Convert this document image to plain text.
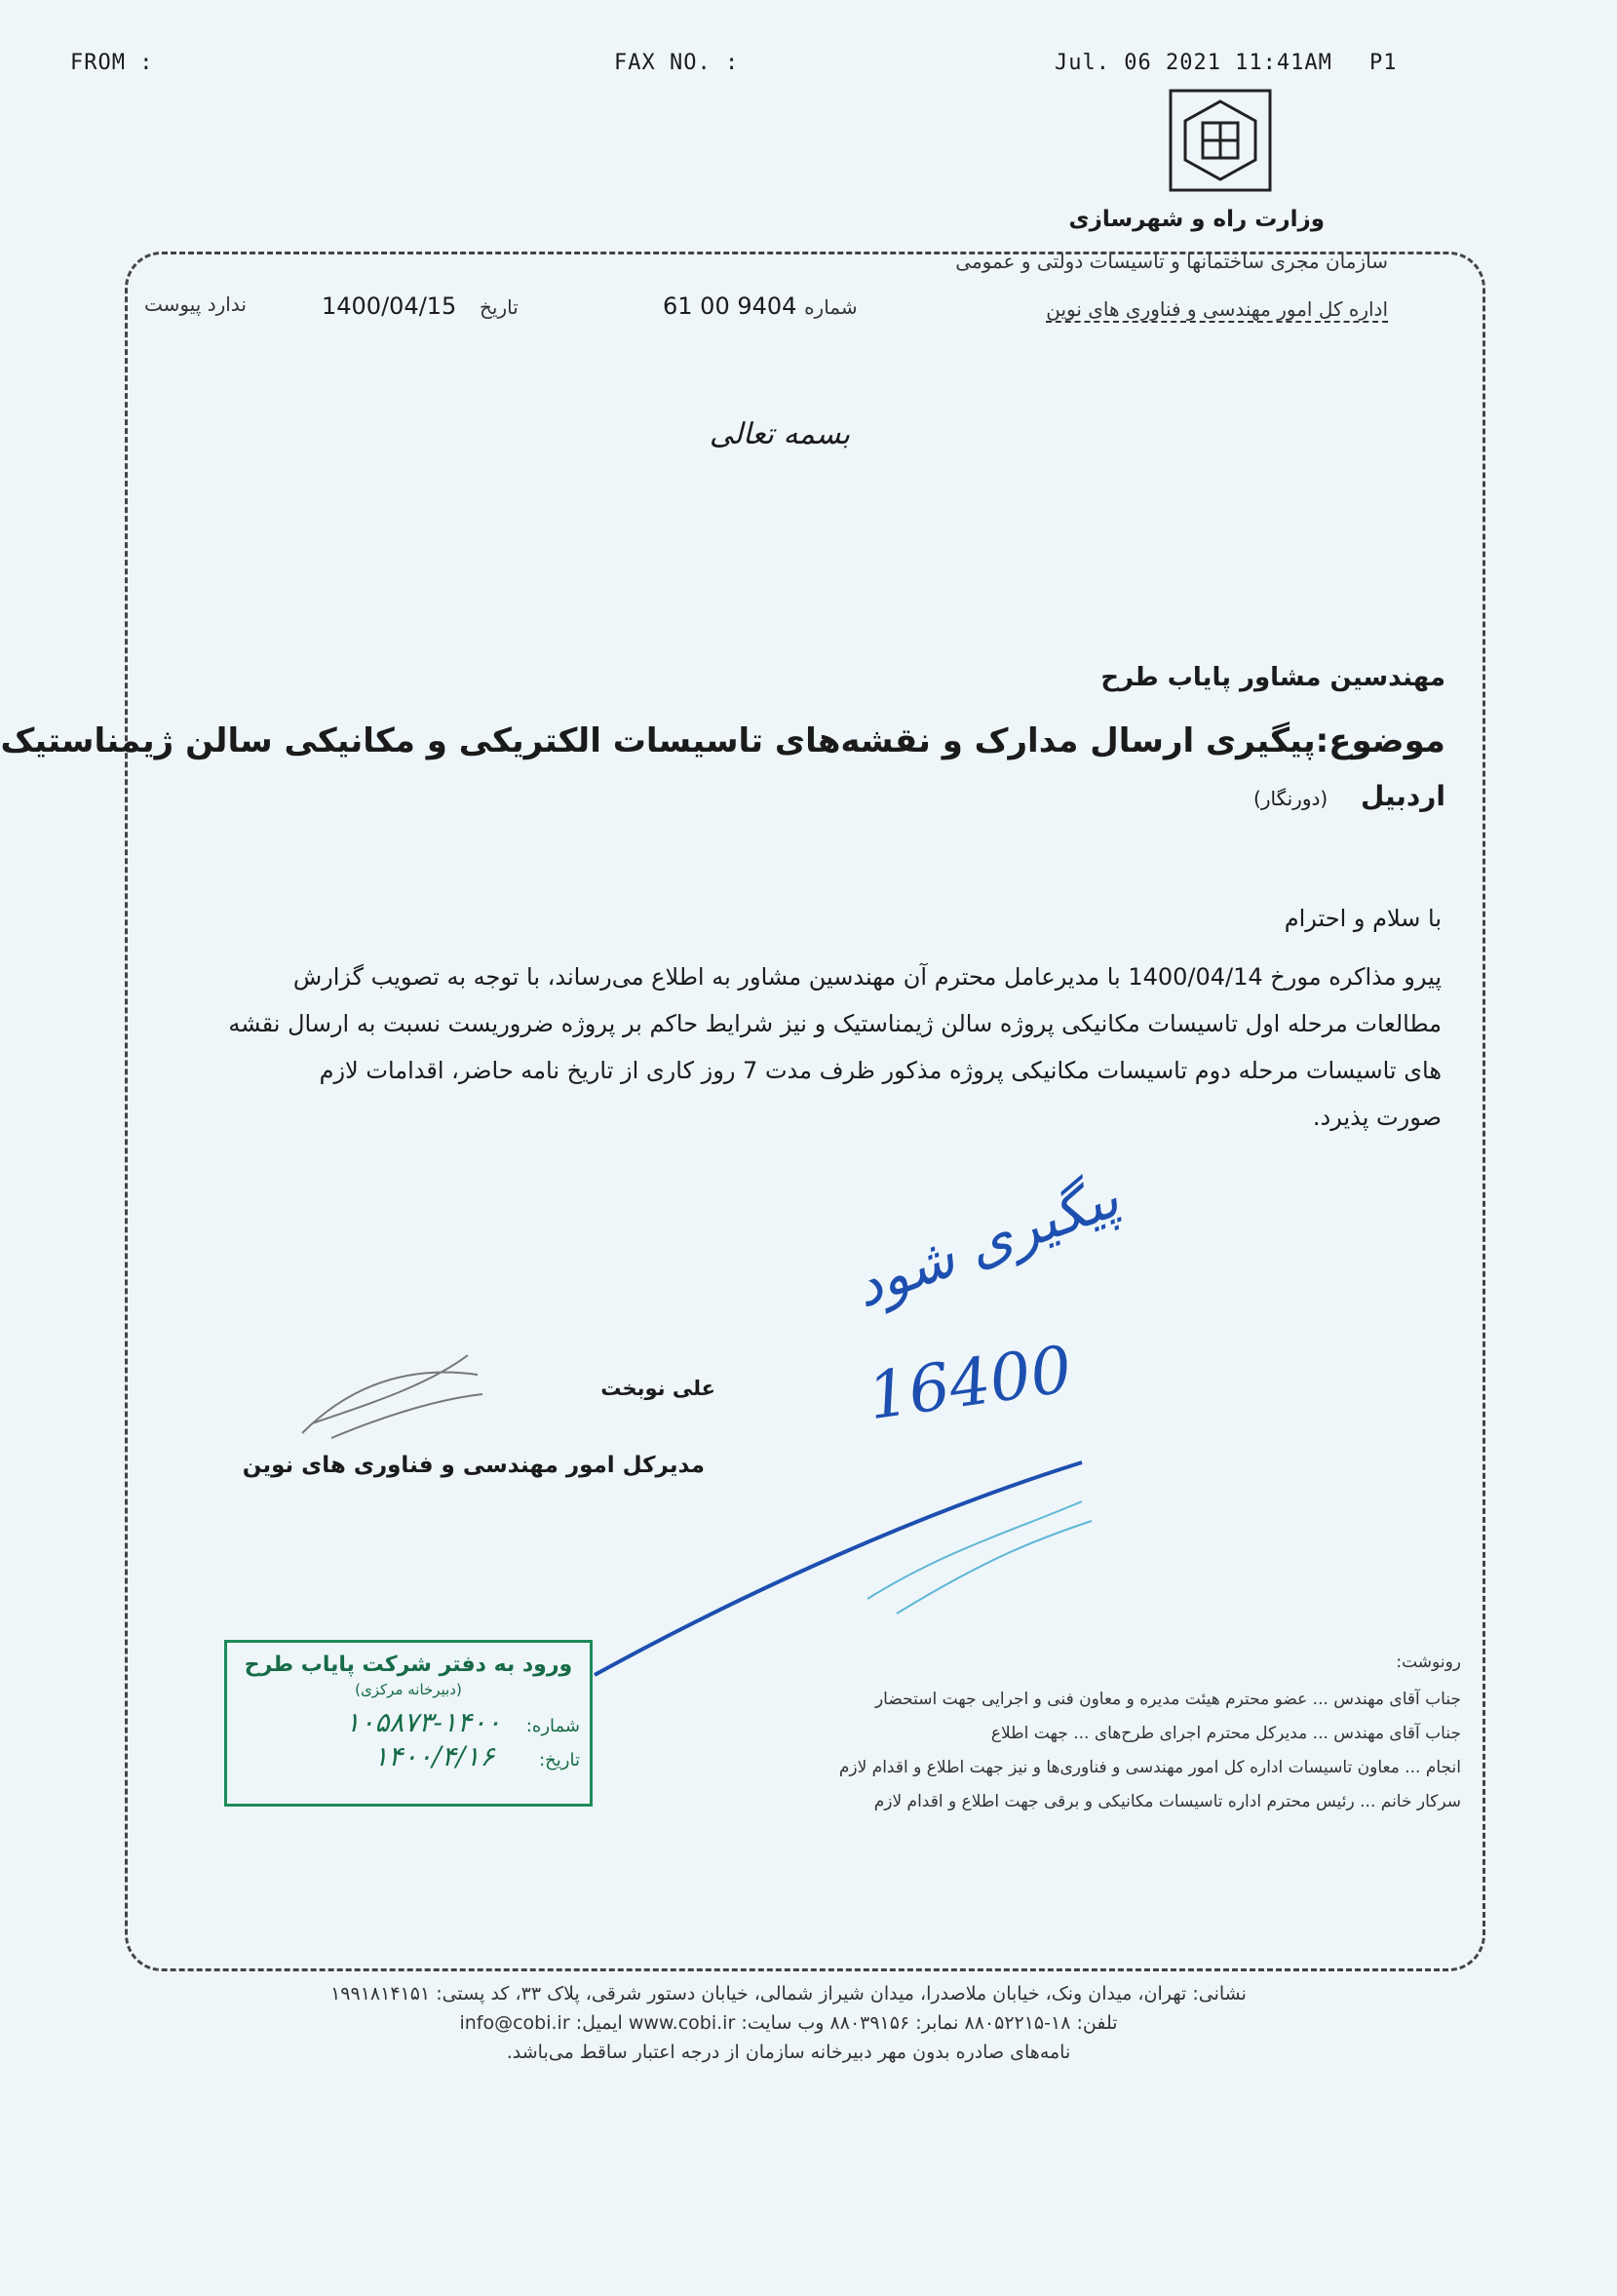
FROM :	FAX NO. :	Jul. 06 2021 11:41AM P1
وزارت راه و شهرسازی
سازمان مجری ساختمانها و تاسیسات دولتی و عمومی
اداره کل امور مهندسی و فناوری های نوین
61 00 9404 شماره
1400/04/15 تاریخ
ندارد پیوست
بسمه تعالی
مهندسین مشاور پایاب طرح
موضوع:پیگیری ارسال مدارک و نقشه‌های تاسیسات الکتریکی و مکانیکی سالن ژیمناستیک
اردبیل (دورنگار)
با سلام و احترام
پیرو مذاکره مورخ 1400/04/14 با مدیرعامل محترم آن مهندسین مشاور به اطلاع می‌رساند، با توجه به تصویب گزارش
مطالعات مرحله اول تاسیسات مکانیکی پروژه سالن ژیمناستیک و نیز شرایط حاکم بر پروژه ضروریست نسبت به ارسال نقشه
های تاسیسات مرحله دوم تاسیسات مکانیکی پروژه مذکور ظرف مدت 7 روز کاری از تاریخ نامه حاضر، اقدامات لازم
صورت پذیرد.
پیگیری شود
16400
علی نوبخت
مدیرکل امور مهندسی و فناوری های نوین
ورود به دفتر شرکت پایاب طرح
(دبیرخانه مرکزی)
شماره: ۱۴۰۰-۱۰۵۸۷۳
تاریخ: ۱۴۰۰/۴/۱۶
رونوشت:
جناب آقای مهندس ... عضو محترم هیئت مدیره و معاون فنی و اجرایی جهت استحضار
جناب آقای مهندس ... مدیرکل محترم اجرای طرح‌های ... جهت اطلاع
انجام ... معاون تاسیسات اداره کل امور مهندسی و فناوری‌ها و نیز جهت اطلاع و اقدام لازم
سرکار خانم ... رئیس محترم اداره تاسیسات مکانیکی و برقی جهت اطلاع و اقدام لازم
نشانی: تهران، میدان ونک، خیابان ملاصدرا، میدان شیراز شمالی، خیابان دستور شرقی، پلاک ۳۳، کد پستی: ۱۹۹۱۸۱۴۱۵۱
تلفن: ۱۸-۸۸۰۵۲۲۱۵ نمابر: ۸۸۰۳۹۱۵۶ وب سایت: www.cobi.ir ایمیل: info@cobi.ir
نامه‌های صادره بدون مهر دبیرخانه سازمان از درجه اعتبار ساقط می‌باشد.
